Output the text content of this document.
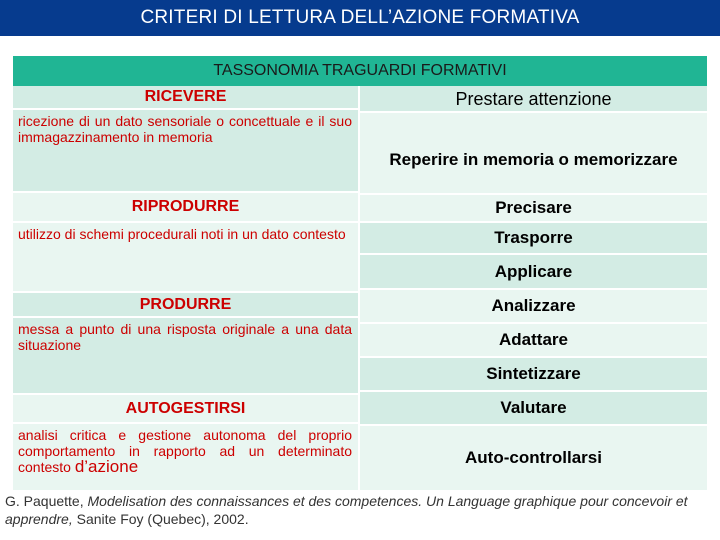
CRITERI DI LETTURA DELL’AZIONE FORMATIVA
TASSONOMIA TRAGUARDI FORMATIVI
RICEVERE
ricezione di un dato sensoriale o concettuale e il suo immagazzinamento in memoria
RIPRODURRE
utilizzo di schemi procedurali noti in un dato contesto
PRODURRE
messa a punto di una risposta originale a una data situazione
AUTOGESTIRSI
analisi critica e gestione autonoma del proprio comportamento in rapporto ad un determinato contesto d’azione
Prestare attenzione
Reperire in memoria o memorizzare
Precisare
Trasporre
Applicare
Analizzare
Adattare
Sintetizzare
Valutare
Auto-controllarsi
G. Paquette, Modelisation des connaissances et des competences. Un Language graphique pour concevoir et apprendre, Sanite Foy (Quebec), 2002.
